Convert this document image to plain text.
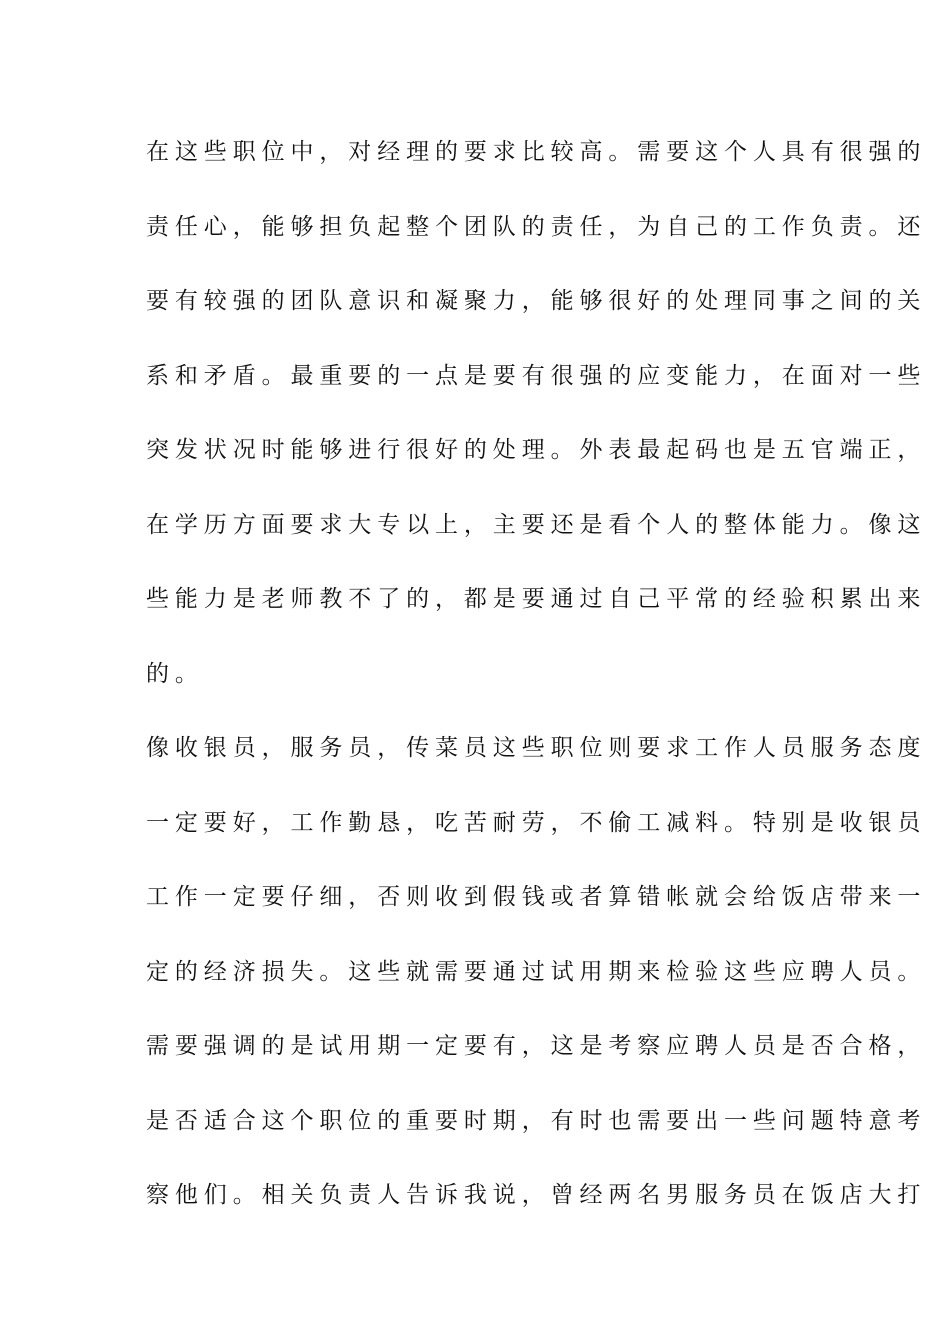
在这些职位中，对经理的要求比较高。需要这个人具有很强的
责任心，能够担负起整个团队的责任，为自己的工作负责。还
要有较强的团队意识和凝聚力，能够很好的处理同事之间的关
系和矛盾。最重要的一点是要有很强的应变能力，在面对一些
突发状况时能够进行很好的处理。外表最起码也是五官端正，
在学历方面要求大专以上，主要还是看个人的整体能力。像这
些能力是老师教不了的，都是要通过自己平常的经验积累出来
的。
像收银员，服务员，传菜员这些职位则要求工作人员服务态度
一定要好，工作勤恳，吃苦耐劳，不偷工减料。特别是收银员
工作一定要仔细，否则收到假钱或者算错帐就会给饭店带来一
定的经济损失。这些就需要通过试用期来检验这些应聘人员。
需要强调的是试用期一定要有，这是考察应聘人员是否合格，
是否适合这个职位的重要时期，有时也需要出一些问题特意考
察他们。相关负责人告诉我说，曾经两名男服务员在饭店大打
